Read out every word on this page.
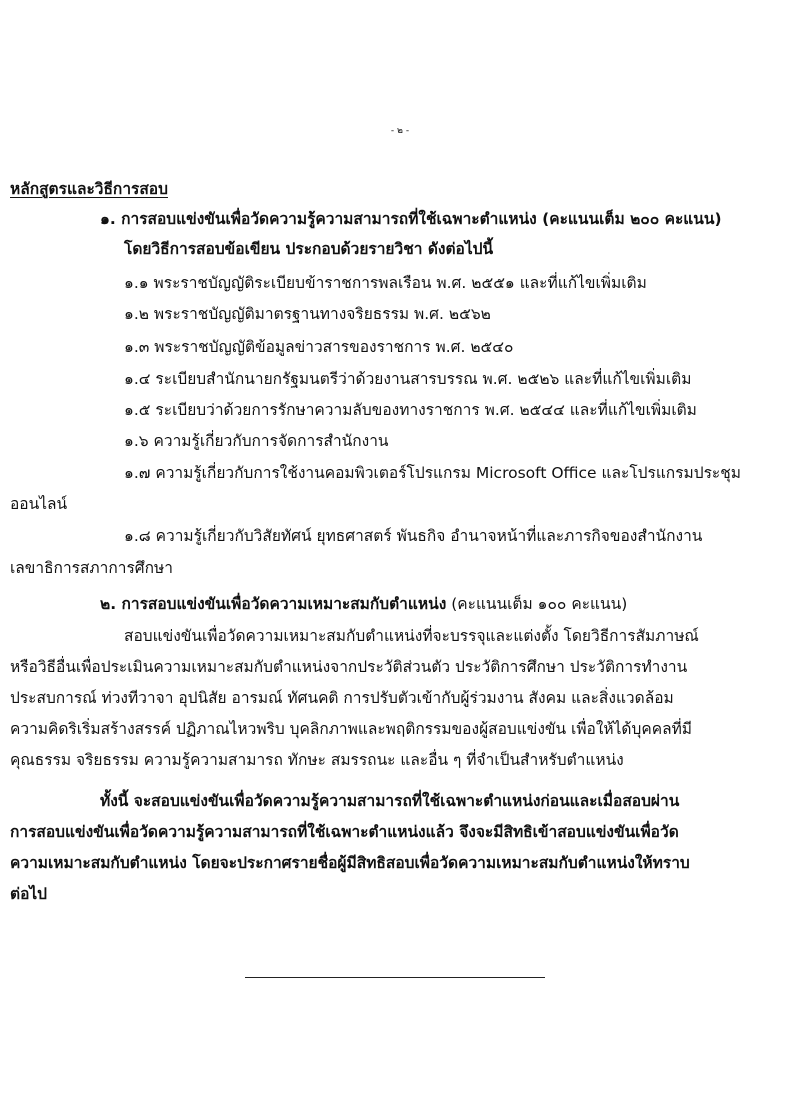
- ๒ -
หลักสูตรและวิธีการสอบ
๑. การสอบแข่งขันเพื่อวัดความรู้ความสามารถที่ใช้เฉพาะตำแหน่ง (คะแนนเต็ม ๒๐๐ คะแนน)
โดยวิธีการสอบข้อเขียน ประกอบด้วยรายวิชา ดังต่อไปนี้
๑.๑ พระราชบัญญัติระเบียบข้าราชการพลเรือน พ.ศ. ๒๕๕๑ และที่แก้ไขเพิ่มเติม
๑.๒ พระราชบัญญัติมาตรฐานทางจริยธรรม พ.ศ. ๒๕๖๒
๑.๓ พระราชบัญญัติข้อมูลข่าวสารของราชการ พ.ศ. ๒๕๔๐
๑.๔ ระเบียบสำนักนายกรัฐมนตรีว่าด้วยงานสารบรรณ พ.ศ. ๒๕๒๖ และที่แก้ไขเพิ่มเติม
๑.๕ ระเบียบว่าด้วยการรักษาความลับของทางราชการ พ.ศ. ๒๕๔๔ และที่แก้ไขเพิ่มเติม
๑.๖ ความรู้เกี่ยวกับการจัดการสำนักงาน
๑.๗ ความรู้เกี่ยวกับการใช้งานคอมพิวเตอร์โปรแกรม Microsoft Office และโปรแกรมประชุม
ออนไลน์
๑.๘ ความรู้เกี่ยวกับวิสัยทัศน์ ยุทธศาสตร์ พันธกิจ อำนาจหน้าที่และภารกิจของสำนักงาน
เลขาธิการสภาการศึกษา
๒. การสอบแข่งขันเพื่อวัดความเหมาะสมกับตำแหน่ง (คะแนนเต็ม ๑๐๐ คะแนน)
สอบแข่งขันเพื่อวัดความเหมาะสมกับตำแหน่งที่จะบรรจุและแต่งตั้ง โดยวิธีการสัมภาษณ์
หรือวิธีอื่นเพื่อประเมินความเหมาะสมกับตำแหน่งจากประวัติส่วนตัว ประวัติการศึกษา ประวัติการทำงาน
ประสบการณ์ ท่วงทีวาจา อุปนิสัย อารมณ์ ทัศนคติ การปรับตัวเข้ากับผู้ร่วมงาน สังคม และสิ่งแวดล้อม
ความคิดริเริ่มสร้างสรรค์ ปฏิภาณไหวพริบ บุคลิกภาพและพฤติกรรมของผู้สอบแข่งขัน เพื่อให้ได้บุคคลที่มี
คุณธรรม จริยธรรม ความรู้ความสามารถ ทักษะ สมรรถนะ และอื่น ๆ ที่จำเป็นสำหรับตำแหน่ง
ทั้งนี้ จะสอบแข่งขันเพื่อวัดความรู้ความสามารถที่ใช้เฉพาะตำแหน่งก่อนและเมื่อสอบผ่าน
การสอบแข่งขันเพื่อวัดความรู้ความสามารถที่ใช้เฉพาะตำแหน่งแล้ว จึงจะมีสิทธิเข้าสอบแข่งขันเพื่อวัด
ความเหมาะสมกับตำแหน่ง โดยจะประกาศรายชื่อผู้มีสิทธิสอบเพื่อวัดความเหมาะสมกับตำแหน่งให้ทราบ
ต่อไป
